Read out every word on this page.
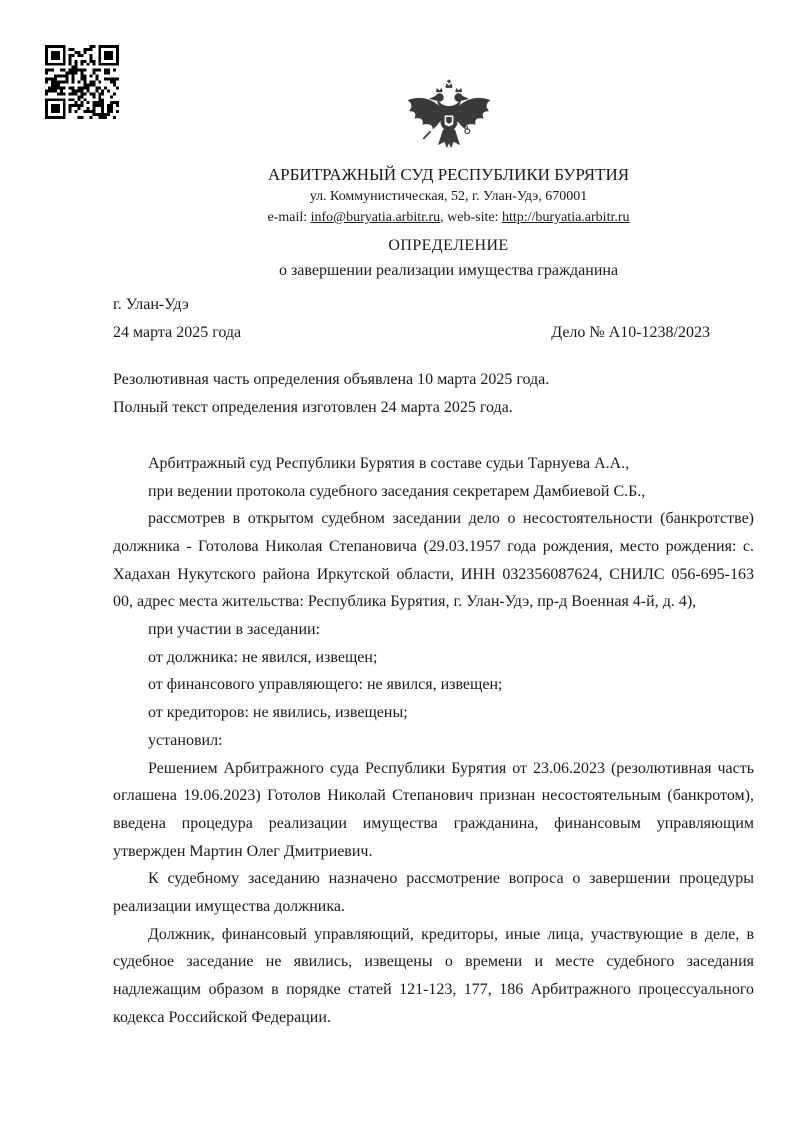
АРБИТРАЖНЫЙ СУД РЕСПУБЛИКИ БУРЯТИЯ
ул. Коммунистическая, 52, г. Улан-Удэ, 670001
e-mail: info@buryatia.arbitr.ru, web-site: http://buryatia.arbitr.ru
ОПРЕДЕЛЕНИЕ
о завершении реализации имущества гражданина
г. Улан-Удэ
24 марта 2025 года	Дело № А10-1238/2023

Резолютивная часть определения объявлена 10 марта 2025 года.

Полный текст определения изготовлен 24 марта 2025 года.

Арбитражный суд Республики Бурятия в составе судьи Тарнуева А.А.,

при ведении протокола судебного заседания секретарем Дамбиевой С.Б.,

рассмотрев в открытом судебном заседании дело о несостоятельности (банкротстве) должника - Готолова Николая Степановича (29.03.1957 года рождения, место рождения: с. Хадахан Нукутского района Иркутской области, ИНН 032356087624, СНИЛС 056-695-163 00, адрес места жительства: Республика Бурятия, г. Улан-Удэ, пр-д Военная 4-й, д. 4),

при участии в заседании:

от должника: не явился, извещен;

от финансового управляющего: не явился, извещен;

от кредиторов: не явились, извещены;

установил:

Решением Арбитражного суда Республики Бурятия от 23.06.2023 (резолютивная часть оглашена 19.06.2023) Готолов Николай Степанович признан несостоятельным (банкротом), введена процедура реализации имущества гражданина, финансовым управляющим утвержден Мартин Олег Дмитриевич.

К судебному заседанию назначено рассмотрение вопроса о завершении процедуры реализации имущества должника.

Должник, финансовый управляющий, кредиторы, иные лица, участвующие в деле, в судебное заседание не явились, извещены о времени и месте судебного заседания надлежащим образом в порядке статей 121-123, 177, 186 Арбитражного процессуального кодекса Российской Федерации.
